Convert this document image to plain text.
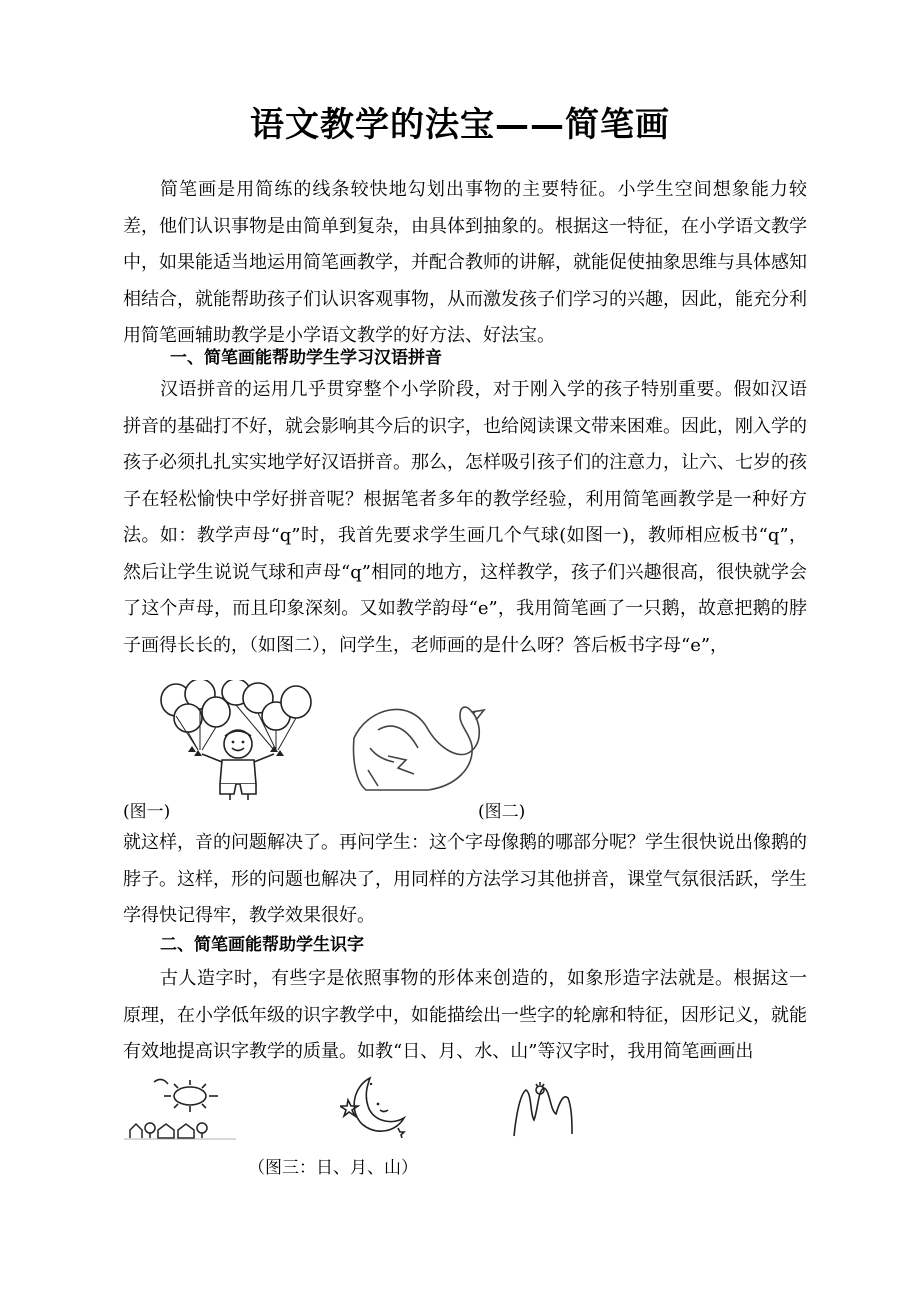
语文教学的法宝——简笔画

简笔画是用简练的线条较快地勾划出事物的主要特征。小学生空间想象能力较差，他们认识事物是由简单到复杂，由具体到抽象的。根据这一特征，在小学语文教学中，如果能适当地运用简笔画教学，并配合教师的讲解，就能促使抽象思维与具体感知相结合，就能帮助孩子们认识客观事物，从而激发孩子们学习的兴趣，因此，能充分利用简笔画辅助教学是小学语文教学的好方法、好法宝。

一、简笔画能帮助学生学习汉语拼音

汉语拼音的运用几乎贯穿整个小学阶段，对于刚入学的孩子特别重要。假如汉语拼音的基础打不好，就会影响其今后的识字，也给阅读课文带来困难。因此，刚入学的孩子必须扎扎实实地学好汉语拼音。那么，怎样吸引孩子们的注意力，让六、七岁的孩子在轻松愉快中学好拼音呢？根据笔者多年的教学经验，利用简笔画教学是一种好方法。如：教学声母“q”时，我首先要求学生画几个气球(如图一)，教师相应板书“q”，然后让学生说说气球和声母“q”相同的地方，这样教学，孩子们兴趣很高，很快就学会了这个声母，而且印象深刻。又如教学韵母“e”，我用简笔画了一只鹅，故意把鹅的脖子画得长长的，（如图二），问学生，老师画的是什么呀？答后板书字母“e”，

(图一)	(图二)

就这样，音的问题解决了。再问学生：这个字母像鹅的哪部分呢？学生很快说出像鹅的脖子。这样，形的问题也解决了，用同样的方法学习其他拼音，课堂气氛很活跃，学生学得快记得牢，教学效果很好。

二、简笔画能帮助学生识字

古人造字时，有些字是依照事物的形体来创造的，如象形造字法就是。根据这一原理，在小学低年级的识字教学中，如能描绘出一些字的轮廓和特征，因形记义，就能有效地提高识字教学的质量。如教“日、月、水、山”等汉字时，我用简笔画画出

（图三：日、月、山）
